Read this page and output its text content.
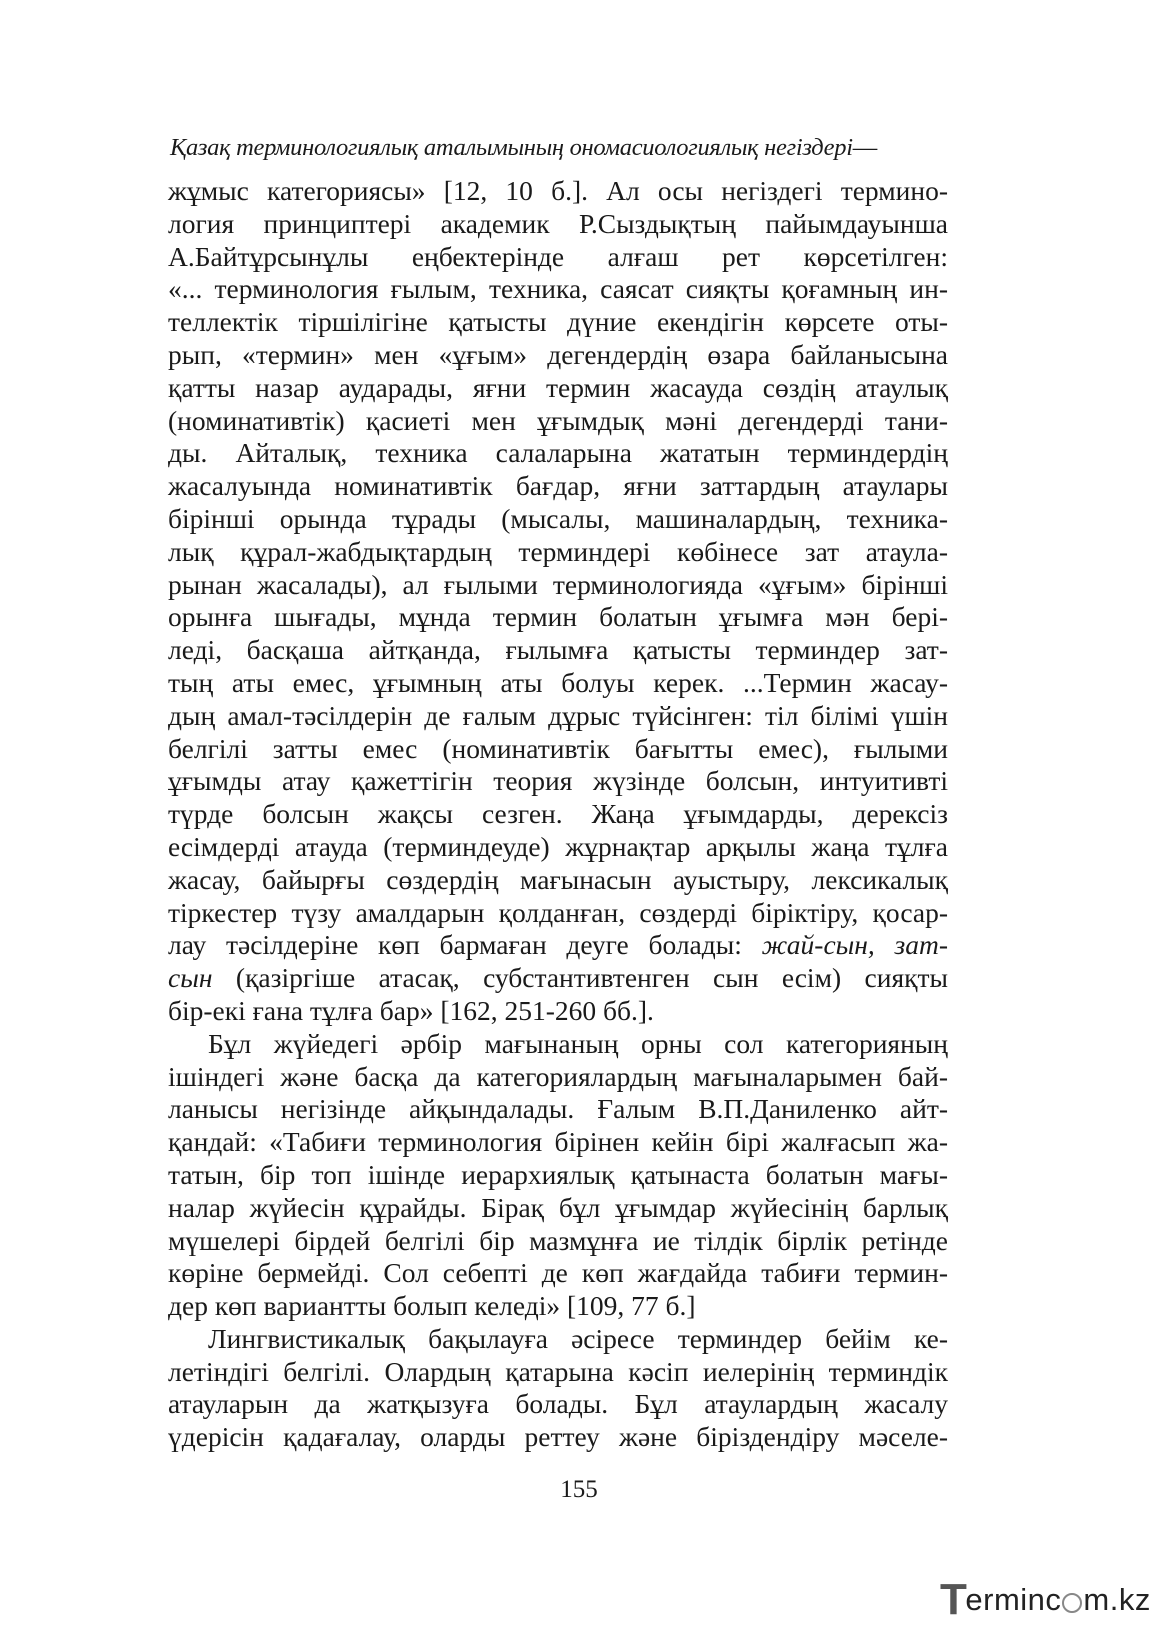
Қазақ терминологиялық аталымының ономасиологиялық негіздері—
жұмыс категориясы» [12, 10 б.]. Ал осы негіздегі термино-
логия принциптері академик Р.Сыздықтың пайымдауынша
А.Байтұрсынұлы еңбектерінде алғаш рет көрсетілген:
«... терминология ғылым, техника, саясат сияқты қоғамның ин-
теллектік тіршілігіне қатысты дүние екендігін көрсете оты-
рып, «термин» мен «ұғым» дегендердің өзара байланысына
қатты назар аударады, яғни термин жасауда сөздің атаулық
(номинативтік) қасиеті мен ұғымдық мәні дегендерді тани-
ды. Айталық, техника салаларына жататын терминдердің
жасалуында номинативтік бағдар, яғни заттардың атаулары
бірінші орында тұрады (мысалы, машиналардың, техника-
лық құрал-жабдықтардың терминдері көбінесе зат атаула-
рынан жасалады), ал ғылыми терминологияда «ұғым» бірінші
орынға шығады, мұнда термин болатын ұғымға мән бері-
леді, басқаша айтқанда, ғылымға қатысты терминдер зат-
тың аты емес, ұғымның аты болуы керек. ...Термин жасау-
дың амал-тәсілдерін де ғалым дұрыс түйсінген: тіл білімі үшін
белгілі затты емес (номинативтік бағытты емес), ғылыми
ұғымды атау қажеттігін теория жүзінде болсын, интуитивті
түрде болсын жақсы сезген. Жаңа ұғымдарды, дерексіз
есімдерді атауда (терминдеуде) жұрнақтар арқылы жаңа тұлға
жасау, байырғы сөздердің мағынасын ауыстыру, лексикалық
тіркестер түзу амалдарын қолданған, сөздерді біріктіру, қосар-
лау тәсілдеріне көп бармаған деуге болады: жай-сын, зат-
сын (қазіргіше атасақ, субстантивтенген сын есім) сияқты
бір-екі ғана тұлға бар» [162, 251-260 бб.].
Бұл жүйедегі әрбір мағынаның орны сол категорияның
ішіндегі және басқа да категориялардың мағыналарымен бай-
ланысы негізінде айқындалады. Ғалым В.П.Даниленко айт-
қандай: «Табиғи терминология бірінен кейін бірі жалғасып жа-
татын, бір топ ішінде иерархиялық қатынаста болатын мағы-
налар жүйесін құрайды. Бірақ бұл ұғымдар жүйесінің барлық
мүшелері бірдей белгілі бір мазмұнға ие тілдік бірлік ретінде
көріне бермейді. Сол себепті де көп жағдайда табиғи термин-
дер көп вариантты болып келеді» [109, 77 б.]
Лингвистикалық бақылауға әсіресе терминдер бейім ке-
летіндігі белгілі. Олардың қатарына кәсіп иелерінің терминдік
атауларын да жатқызуға болады. Бұл атаулардың жасалу
үдерісін қадағалау, оларды реттеу және біріздендіру мәселе-
155
T
erminc m.kz
